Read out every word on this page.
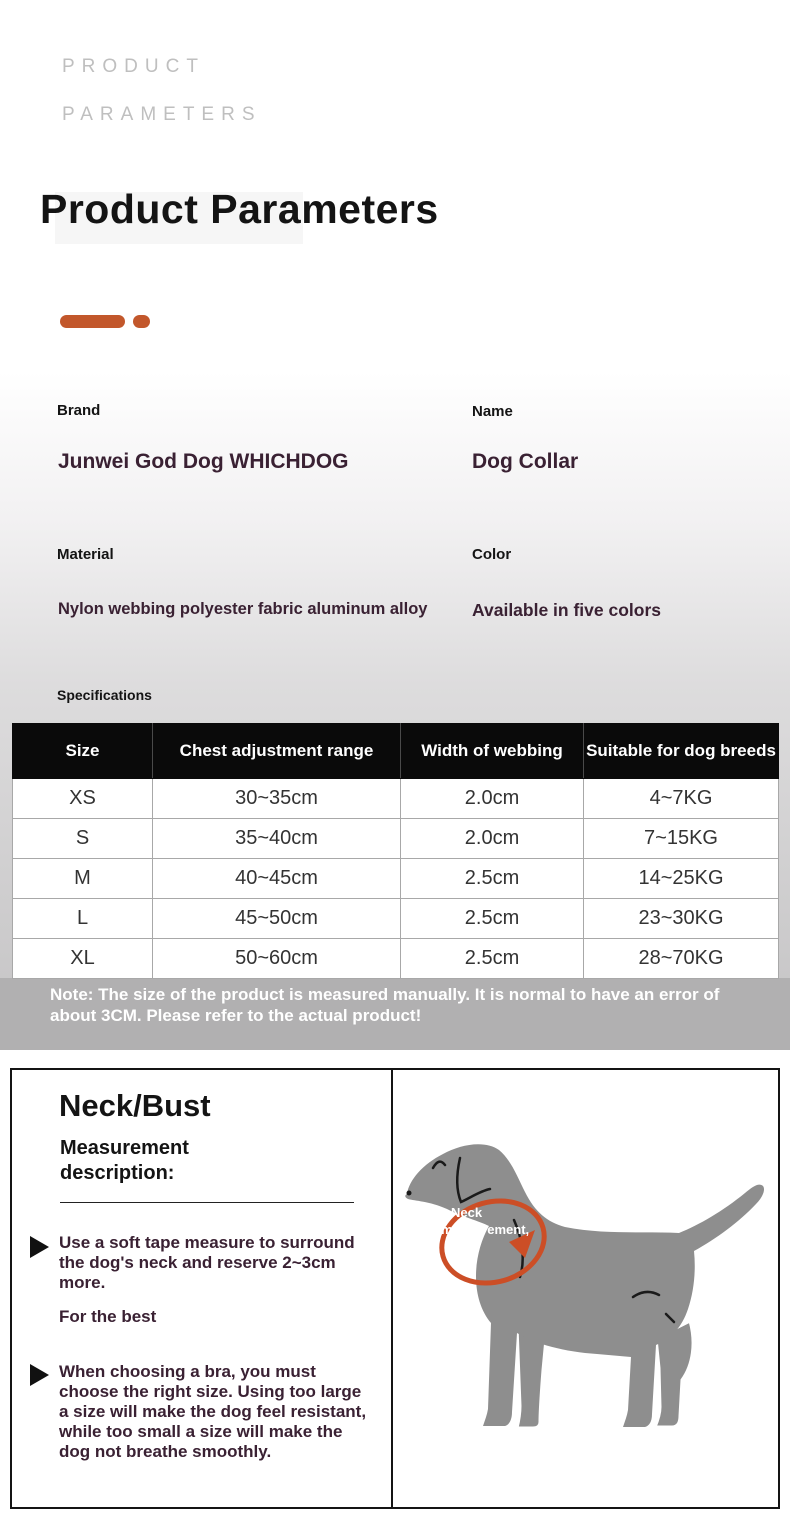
PRODUCT
PARAMETERS
Product Parameters
Brand
Junwei God Dog WHICHDOG
Name
Dog Collar
Material
Nylon webbing polyester fabric aluminum alloy
Color
Available in five colors
Specifications
Size	Chest adjustment range	Width of webbing	Suitable for dog breeds
XS	30~35cm	2.0cm	4~7KG
S	35~40cm	2.0cm	7~15KG
M	40~45cm	2.5cm	14~25KG
L	45~50cm	2.5cm	23~30KG
XL	50~60cm	2.5cm	28~70KG
Note: The size of the product is measured manually. It is normal to have an error of about 3CM. Please refer to the actual product!
Neck/Bust
Measurement description:
Use a soft tape measure to surround the dog's neck and reserve 2~3cm more.
For the best
When choosing a bra, you must choose the right size. Using too large a size will make the dog feel resistant, while too small a size will make the dog not breathe smoothly.
Neck
measurement,
